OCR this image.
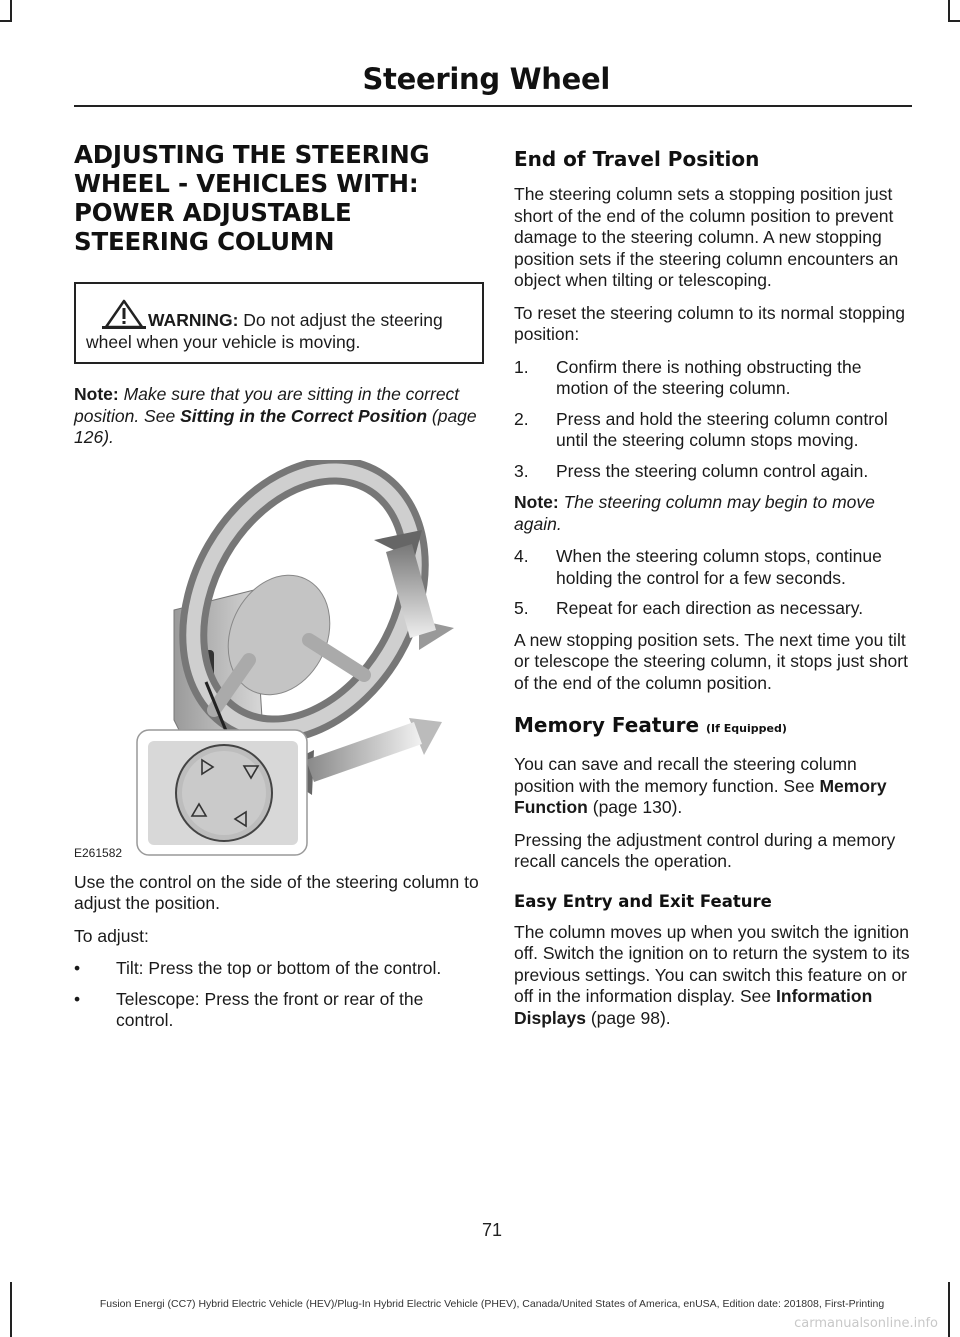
Steering Wheel
ADJUSTING THE STEERING WHEEL - VEHICLES WITH: POWER ADJUSTABLE STEERING COLUMN

WARNING: Do not adjust the steering wheel when your vehicle is moving.

Note: Make sure that you are sitting in the correct position. See Sitting in the Correct Position (page 126).

E261582

Use the control on the side of the steering column to adjust the position.

To adjust:

• Tilt: Press the top or bottom of the control.
• Telescope: Press the front or rear of the control.
End of Travel Position

The steering column sets a stopping position just short of the end of the column position to prevent damage to the steering column. A new stopping position sets if the steering column encounters an object when tilting or telescoping.

To reset the steering column to its normal stopping position:

1. Confirm there is nothing obstructing the motion of the steering column.
2. Press and hold the steering column control until the steering column stops moving.
3. Press the steering column control again.

Note: The steering column may begin to move again.

4. When the steering column stops, continue holding the control for a few seconds.
5. Repeat for each direction as necessary.

A new stopping position sets. The next time you tilt or telescope the steering column, it stops just short of the end of the column position.

Memory Feature (If Equipped)

You can save and recall the steering column position with the memory function. See Memory Function (page 130).

Pressing the adjustment control during a memory recall cancels the operation.

Easy Entry and Exit Feature

The column moves up when you switch the ignition off. Switch the ignition on to return the system to its previous settings. You can switch this feature on or off in the information display. See Information Displays (page 98).

71
Fusion Energi (CC7) Hybrid Electric Vehicle (HEV)/Plug-In Hybrid Electric Vehicle (PHEV), Canada/United States of America, enUSA, Edition date: 201808, First-Printing
carmanualsonline.info
